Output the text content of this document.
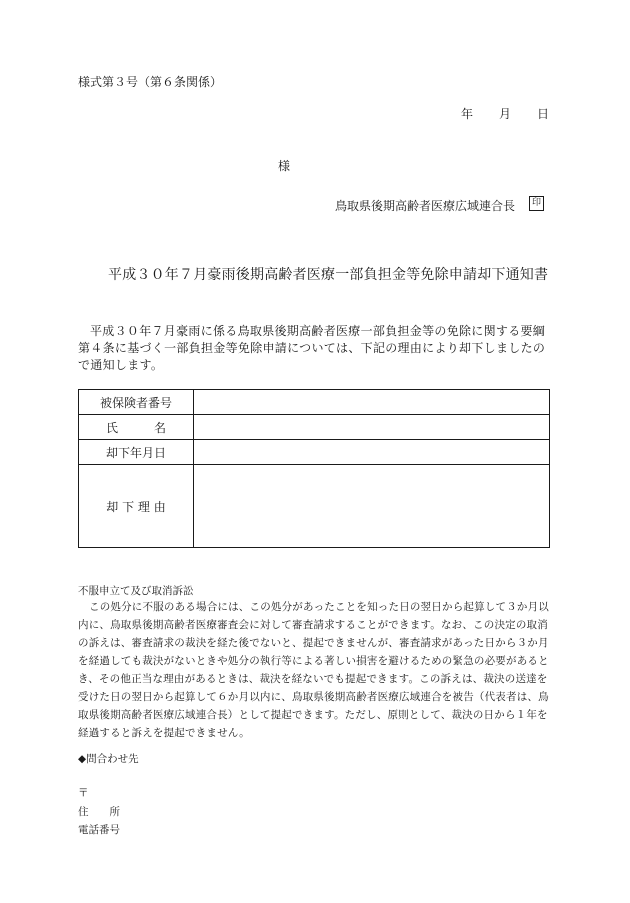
様式第３号（第６条関係）
年 月 日
様
鳥取県後期高齢者医療広域連合長	印
平成３０年７月豪雨後期高齢者医療一部負担金等免除申請却下通知書
平成３０年７月豪雨に係る鳥取県後期高齢者医療一部負担金等の免除に関する要綱第４条に基づく一部負担金等免除申請については、下記の理由により却下しましたので通知します。
被保険者番号	
氏　　　名	
却下年月日	
却 下 理 由	
不服申立て及び取消訴訟
この処分に不服のある場合には、この処分があったことを知った日の翌日から起算して３か月以内に、鳥取県後期高齢者医療審査会に対して審査請求することができます。なお、この決定の取消の訴えは、審査請求の裁決を経た後でないと、提起できませんが、審査請求があった日から３か月を経過しても裁決がないときや処分の執行等による著しい損害を避けるための緊急の必要があるとき、その他正当な理由があるときは、裁決を経ないでも提起できます。この訴えは、裁決の送達を受けた日の翌日から起算して６か月以内に、鳥取県後期高齢者医療広域連合を被告（代表者は、鳥取県後期高齢者医療広域連合長）として提起できます。ただし、原則として、裁決の日から１年を経過すると訴えを提起できません。
◆問合わせ先
〒
住　　所
電話番号
